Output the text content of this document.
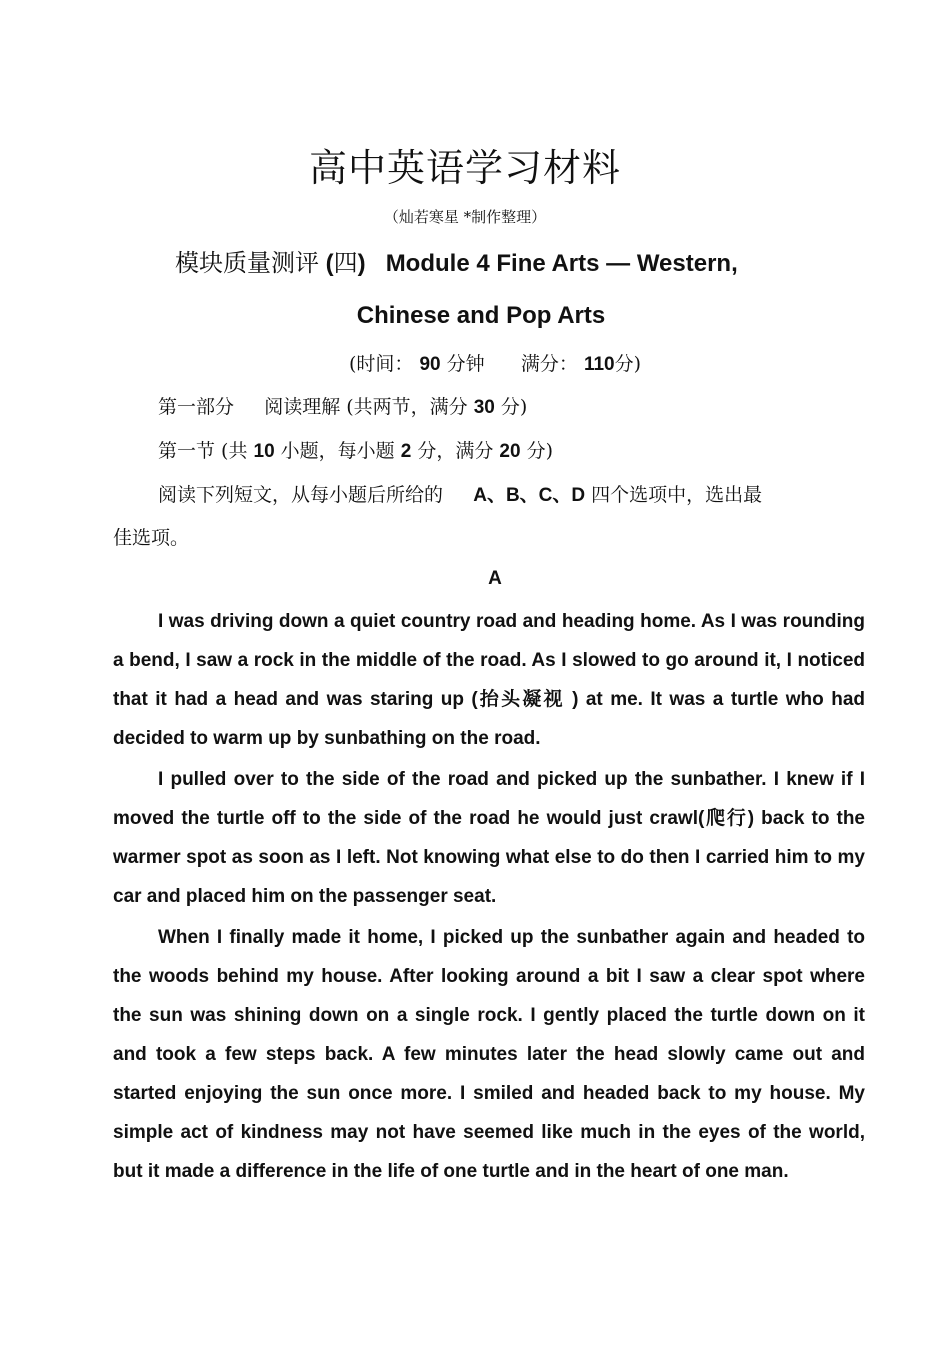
高中英语学习材料
（灿若寒星 *制作整理）
模块质量测评 (四) Module 4 Fine Arts — Western,
Chinese and Pop Arts
(时间： 90 分钟 满分： 110分)
第一部分 阅读理解 (共两节，满分 30 分)
第一节 (共 10 小题，每小题 2 分，满分 20 分)
阅读下列短文，从每小题后所给的 A、B、C、D 四个选项中，选出最
佳选项。
A

I was driving down a quiet country road and heading home. As I was rounding a bend, I saw a rock in the middle of the road. As I slowed to go around it, I noticed that it had a head and was staring up (抬头凝视 ) at me. It was a turtle who had decided to warm up by sunbathing on the road.

I pulled over to the side of the road and picked up the sunbather. I knew if I moved the turtle off to the side of the road he would just crawl(爬行) back to the warmer spot as soon as I left. Not knowing what else to do then I carried him to my car and placed him on the passenger seat.

When I finally made it home, I picked up the sunbather again and headed to the woods behind my house. After looking around a bit I saw a clear spot where the sun was shining down on a single rock. I gently placed the turtle down on it and took a few steps back. A few minutes later the head slowly came out and started enjoying the sun once more. I smiled and headed back to my house. My simple act of kindness may not have seemed like much in the eyes of the world, but it made a difference in the life of one turtle and in the heart of one man.
